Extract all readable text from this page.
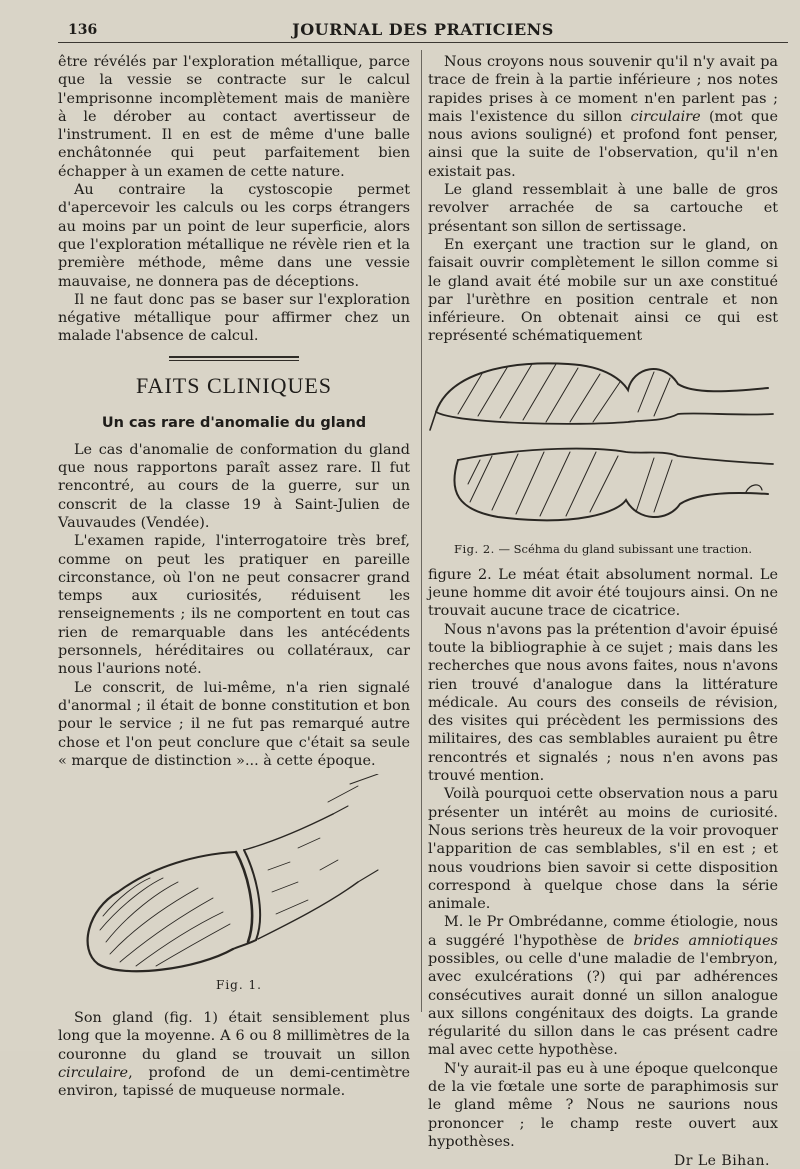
136	JOURNAL DES PRATICIENS

être révélés par l'exploration métallique, parce que la vessie se contracte sur le calcul l'emprisonne incomplètement mais de manière à le dérober au contact avertisseur de l'instrument. Il en est de même d'une balle enchâtonnée qui peut parfaitement bien échapper à un examen de cette nature.

Au contraire la cystoscopie permet d'apercevoir les calculs ou les corps étrangers au moins par un point de leur superficie, alors que l'exploration métallique ne révèle rien et la première méthode, même dans une vessie mauvaise, ne donnera pas de déceptions.

Il ne faut donc pas se baser sur l'exploration négative métallique pour affirmer chez un malade l'absence de calcul.

FAITS CLINIQUES
Un cas rare d'anomalie du gland

Le cas d'anomalie de conformation du gland que nous rapportons paraît assez rare. Il fut rencontré, au cours de la guerre, sur un conscrit de la classe 19 à Saint-Julien de Vauvaudes (Vendée).

L'examen rapide, l'interrogatoire très bref, comme on peut les pratiquer en pareille circonstance, où l'on ne peut consacrer grand temps aux curiosités, réduisent les renseignements ; ils ne comportent en tout cas rien de remarquable dans les antécédents personnels, héréditaires ou collatéraux, car nous l'aurions noté.

Le conscrit, de lui-même, n'a rien signalé d'anormal ; il était de bonne constitution et bon pour le service ; il ne fut pas remarqué autre chose et l'on peut conclure que c'était sa seule « marque de distinction »... à cette époque.

Fig. 1.

Son gland (fig. 1) était sensiblement plus long que la moyenne. A 6 ou 8 millimètres de la couronne du gland se trouvait un sillon circulaire, profond de un demi-centimètre environ, tapissé de muqueuse normale.

Nous croyons nous souvenir qu'il n'y avait pa trace de frein à la partie inférieure ; nos notes rapides prises à ce moment n'en parlent pas ; mais l'existence du sillon circulaire (mot que nous avions souligné) et profond font penser, ainsi que la suite de l'observation, qu'il n'en existait pas.

Le gland ressemblait à une balle de gros revolver arrachée de sa cartouche et présentant son sillon de sertissage.

En exerçant une traction sur le gland, on faisait ouvrir complètement le sillon comme si le gland avait été mobile sur un axe constitué par l'urèthre en position centrale et non inférieure. On obtenait ainsi ce qui est représenté schématiquement

Fig. 2. — Scéhma du gland subissant une traction.

figure 2. Le méat était absolument normal. Le jeune homme dit avoir été toujours ainsi. On ne trouvait aucune trace de cicatrice.

Nous n'avons pas la prétention d'avoir épuisé toute la bibliographie à ce sujet ; mais dans les recherches que nous avons faites, nous n'avons rien trouvé d'analogue dans la littérature médicale. Au cours des conseils de révision, des visites qui précèdent les permissions des militaires, des cas semblables auraient pu être rencontrés et signalés ; nous n'en avons pas trouvé mention.

Voilà pourquoi cette observation nous a paru présenter un intérêt au moins de curiosité. Nous serions très heureux de la voir provoquer l'apparition de cas semblables, s'il en est ; et nous voudrions bien savoir si cette disposition correspond à quelque chose dans la série animale.

M. le Pr Ombrédanne, comme étiologie, nous a suggéré l'hypothèse de brides amniotiques possibles, ou celle d'une maladie de l'embryon, avec exulcérations (?) qui par adhérences consécutives aurait donné un sillon analogue aux sillons congénitaux des doigts. La grande régularité du sillon dans le cas présent cadre mal avec cette hypothèse.

N'y aurait-il pas eu à une époque quelconque de la vie fœtale une sorte de paraphimosis sur le gland même ? Nous ne saurions nous prononcer ; le champ reste ouvert aux hypothèses.

Dr Le Bihan.
